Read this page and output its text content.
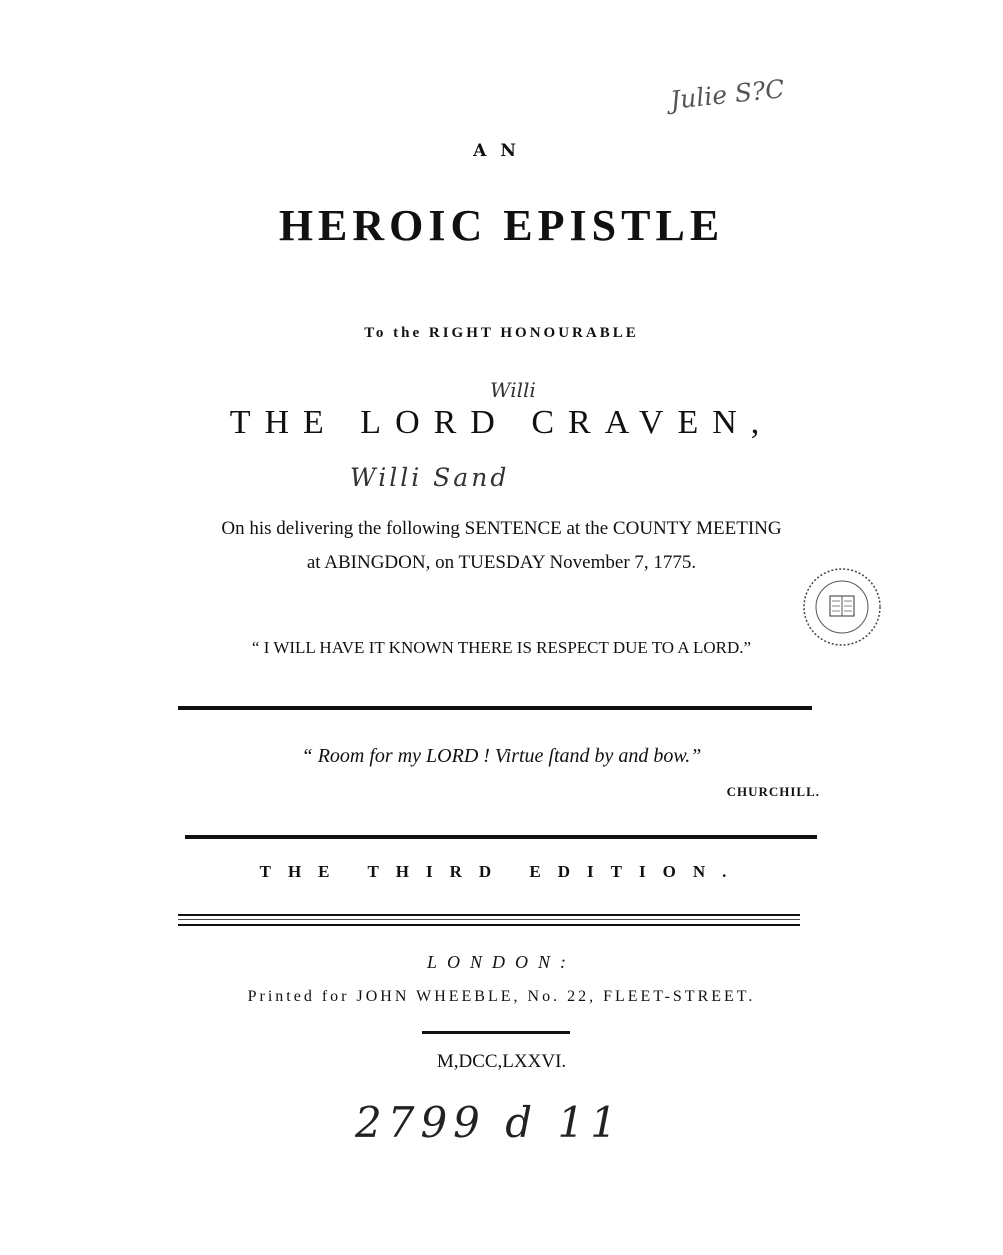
Julie S?C

AN

HEROIC EPISTLE

To the RIGHT HONOURABLE

Willi

THE LORD CRAVEN,

Willi Sand

On his delivering the following SENTENCE at the COUNTY MEETING

at ABINGDON, on TUESDAY November 7, 1775.

“ I WILL HAVE IT KNOWN THERE IS RESPECT DUE TO A LORD.”

“ Room for my LORD ! Virtue ſtand by and bow.”

CHURCHILL.

THE THIRD EDITION.

LONDON:

Printed for JOHN WHEEBLE, No. 22, FLEET-STREET.

M,DCC,LXXVI.

2799 d 11
